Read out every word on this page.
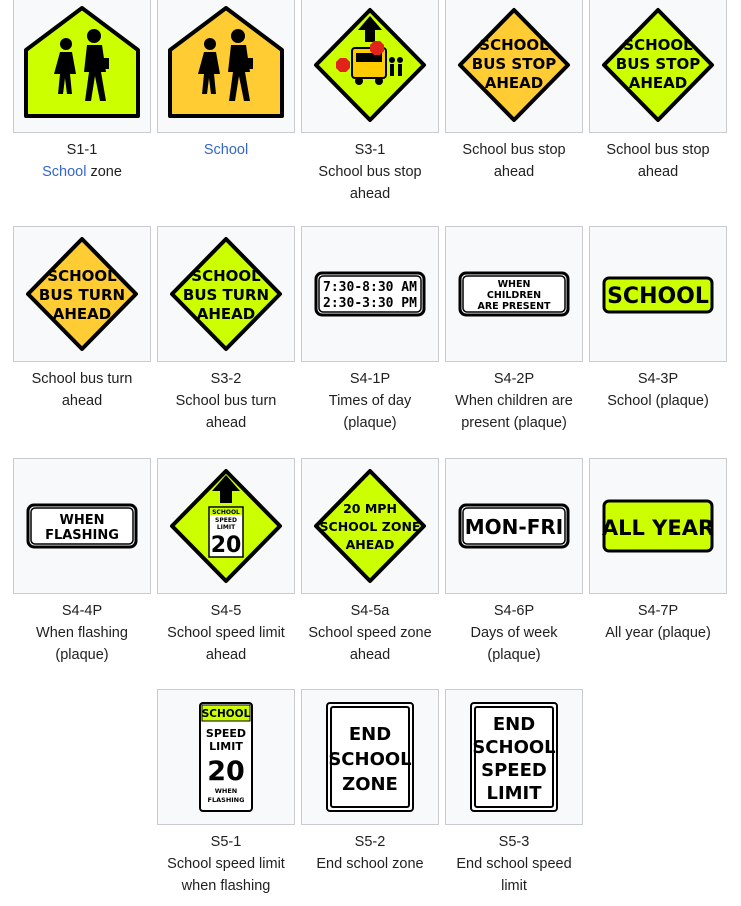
S1-1
School zone
School	S3-1
School bus stop
ahead
SCHOOL
BUS STOP
AHEAD
School bus stop
ahead
SCHOOL
BUS STOP
AHEAD
School bus stop
ahead
SCHOOL
BUS TURN
AHEAD
School bus turn
ahead
SCHOOL
BUS TURN
AHEAD
S3-2
School bus turn
ahead
7:30-8:30 AM
2:30-3:30 PM
S4-1P
Times of day
(plaque)
WHEN
CHILDREN
ARE PRESENT
S4-2P
When children are
present (plaque)
SCHOOL
S4-3P
School (plaque)
WHEN
FLASHING
S4-4P
When flashing
(plaque)
SCHOOL
SPEED
LIMIT
20
S4-5
School speed limit
ahead
20 MPH
SCHOOL ZONE
AHEAD
S4-5a
School speed zone
ahead
MON-FRI
S4-6P
Days of week
(plaque)
ALL YEAR
S4-7P
All year (plaque)
SCHOOL
SPEED
LIMIT
20
WHEN
FLASHING
S5-1
School speed limit
when flashing
END
SCHOOL
ZONE
S5-2
End school zone
END
SCHOOL
SPEED
LIMIT
S5-3
End school speed
limit
